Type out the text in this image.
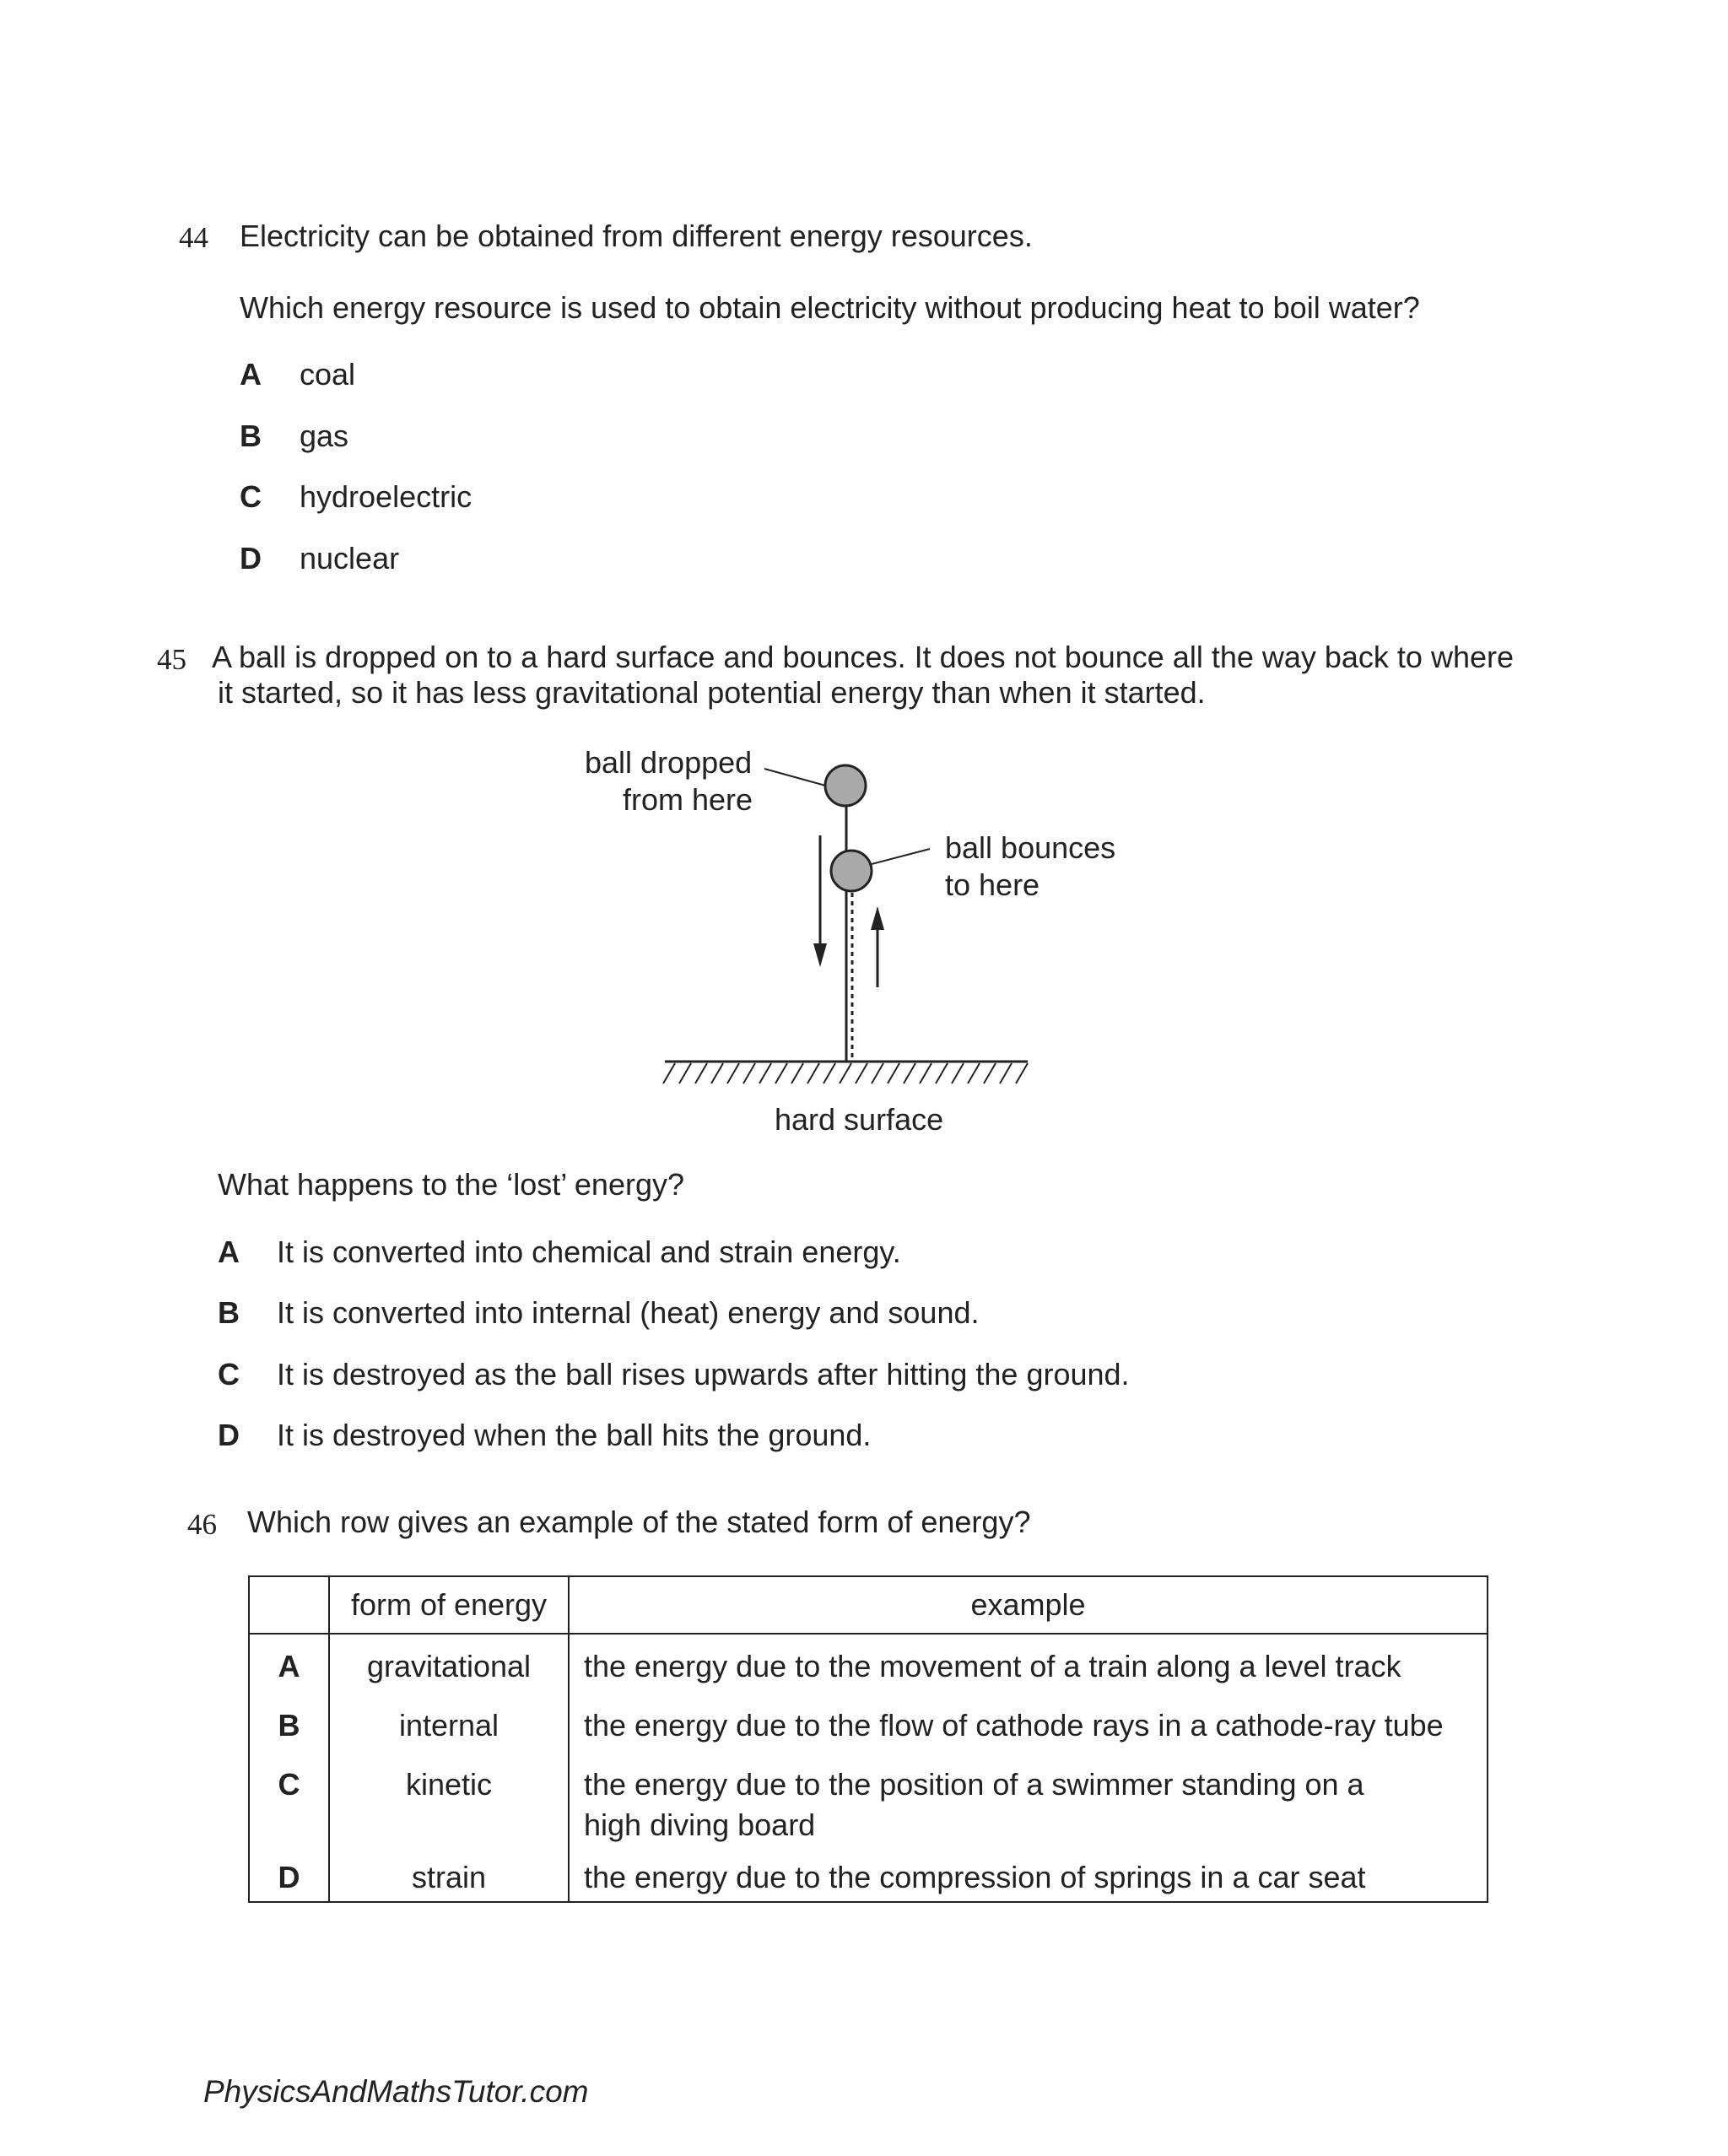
44 Electricity can be obtained from different energy resources.
Which energy resource is used to obtain electricity without producing heat to boil water?
A coal
B gas
C hydroelectric
D nuclear
45 A ball is dropped on to a hard surface and bounces. It does not bounce all the way back to where
it started, so it has less gravitational potential energy than when it started.
ball dropped
from here
ball bounces
to here
hard surface
What happens to the ‘lost’ energy?
A It is converted into chemical and strain energy.
B It is converted into internal (heat) energy and sound.
C It is destroyed as the ball rises upwards after hitting the ground.
D It is destroyed when the ball hits the ground.
46 Which row gives an example of the stated form of energy?
	form of energy	example
A	gravitational	the energy due to the movement of a train along a level track
B	internal	the energy due to the flow of cathode rays in a cathode-ray tube
C	kinetic	the energy due to the position of a swimmer standing on a
high diving board

D	strain	the energy due to the compression of springs in a car seat
PhysicsAndMathsTutor.com
